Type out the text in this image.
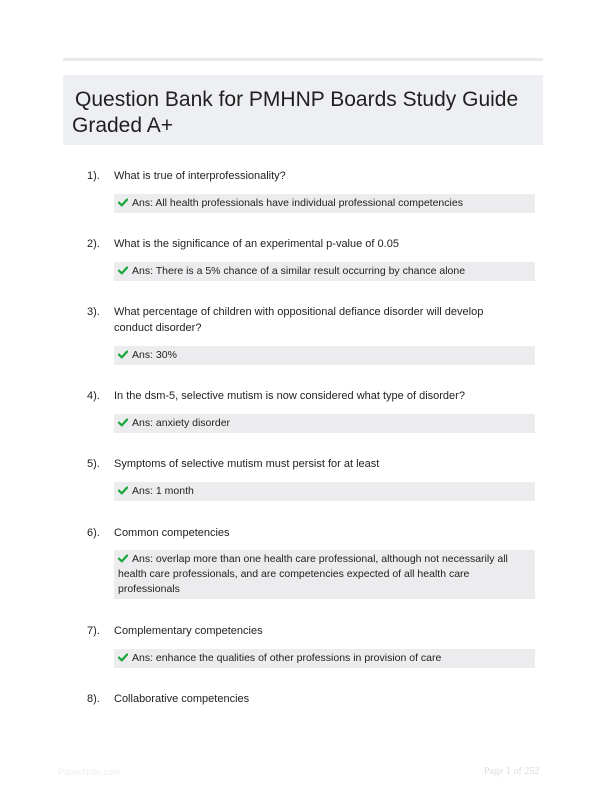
Question Bank for PMHNP Boards Study Guide
Graded A+
1). What is true of interprofessionality?
Ans: All health professionals have individual professional competencies
2). What is the significance of an experimental p-value of 0.05
Ans: There is a 5% chance of a similar result occurring by chance alone
3). What percentage of children with oppositional defiance disorder will develop conduct disorder?
Ans: 30%
4). In the dsm-5, selective mutism is now considered what type of disorder?
Ans: anxiety disorder
5). Symptoms of selective mutism must persist for at least
Ans: 1 month
6). Common competencies
Ans: overlap more than one health care professional, although not necessarily all health care professionals, and are competencies expected of all health care professionals
7). Complementary competencies
Ans: enhance the qualities of other professions in provision of care
8). Collaborative competencies
PaperNote.com	Page 1 of 252
